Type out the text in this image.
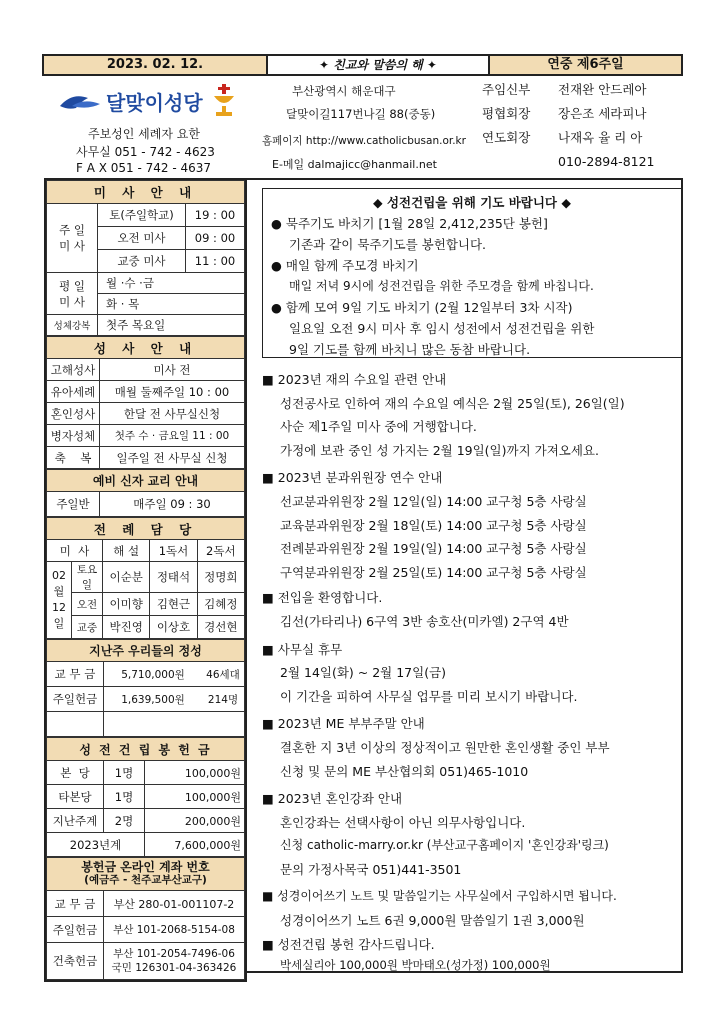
2023. 02. 12.	✦ 친교와 말씀의 해 ✦	연중 제6주일
달맞이성당
주보성인 세례자 요한
사무실 051 - 742 - 4623
F A X 051 - 742 - 4637
부산광역시 해운대구
달맞이길117번나길 88(중동)
홈페이지 http://www.catholicbusan.or.kr
E-메일 dalmajicc@hanmail.net
주임신부	전재완 안드레아
평협회장	장은조 세라피나
연도회장	나재옥 율 리 아
010-2894-8121
미 사 안 내		
주 일
미 사	토(주일학교)	19 : 00
	오전 미사	09 : 00
	교중 미사	11 : 00
평 일
미 사	월 ·수 ·금	
	화 · 목	
성체강복	첫주 목요일	
성 사 안 내	
고해성사	미사 전
유아세례	매월 둘째주일 10 : 00
혼인성사	한달 전 사무실신청
병자성체	첫주 수 · 금요일 11 : 00
축    복	일주일 전 사무실 신청
예비 신자 교리 안내
주일반	매주일 09 : 30
전 례 담 당				
미  사		해 설	1독서	2독서
02월
12일	토요일	이순분	정태석	정명희
	오전	이미향	김현근	김혜정
	교중	박진영	이상호	경선현
지난주 우리들의 정성		
교 무 금	5,710,000원	46세대
주일헌금	1,639,500원	214명

성 전 건 립 봉 헌 금		
본  당	1명	100,000원
타본당	1명	100,000원
지난주계	2명	200,000원
2023년계		7,600,000원
봉헌금 온라인 계좌 번호
(예금주 - 천주교부산교구)	

교 무 금	부산 280-01-001107-2
주일헌금	부산 101-2068-5154-08
건축헌금	부산 101-2054-7496-06
국민 126301-04-363426
◆ 성전건립을 위해 기도 바랍니다 ◆
● 묵주기도 바치기 [1월 28일 2,412,235단 봉헌]
기존과 같이 묵주기도를 봉헌합니다.
● 매일 함께 주모경 바치기
매일 저녁 9시에 성전건립을 위한 주모경을 함께 바칩니다.
● 함께 모여 9일 기도 바치기 (2월 12일부터 3차 시작)
일요일 오전 9시 미사 후 임시 성전에서 성전건립을 위한
9일 기도를 함께 바치니 많은 동참 바랍니다.

■ 2023년 재의 수요일 관련 안내

성전공사로 인하여 재의 수요일 예식은 2월 25일(토), 26일(일)

사순 제1주일 미사 중에 거행합니다.

가정에 보관 중인 성 가지는 2월 19일(일)까지 가져오세요.

■ 2023년 분과위원장 연수 안내

선교분과위원장 2월 12일(일) 14:00 교구청 5층 사랑실

교육분과위원장 2월 18일(토) 14:00 교구청 5층 사랑실

전례분과위원장 2월 19일(일) 14:00 교구청 5층 사랑실

구역분과위원장 2월 25일(토) 14:00 교구청 5층 사랑실

■ 전입을 환영합니다.

김선(가타리나) 6구역 3반 송호산(미카엘) 2구역 4반

■ 사무실 휴무

2월 14일(화) ~ 2월 17일(금)

이 기간을 피하여 사무실 업무를 미리 보시기 바랍니다.

■ 2023년 ME 부부주말 안내

결혼한 지 3년 이상의 정상적이고 원만한 혼인생활 중인 부부

신청 및 문의 ME 부산협의회 051)465-1010

■ 2023년 혼인강좌 안내

혼인강좌는 선택사항이 아닌 의무사항입니다.

신청 catholic-marry.or.kr (부산교구홈페이지 '혼인강좌'링크)

문의 가정사목국 051)441-3501

■ 성경이어쓰기 노트 및 말씀일기는 사무실에서 구입하시면 됩니다.

성경이어쓰기 노트 6권 9,000원 말씀일기 1권 3,000원

■ 성전건립 봉헌 감사드립니다.

박세실리아 100,000원 박마태오(성가정) 100,000원
